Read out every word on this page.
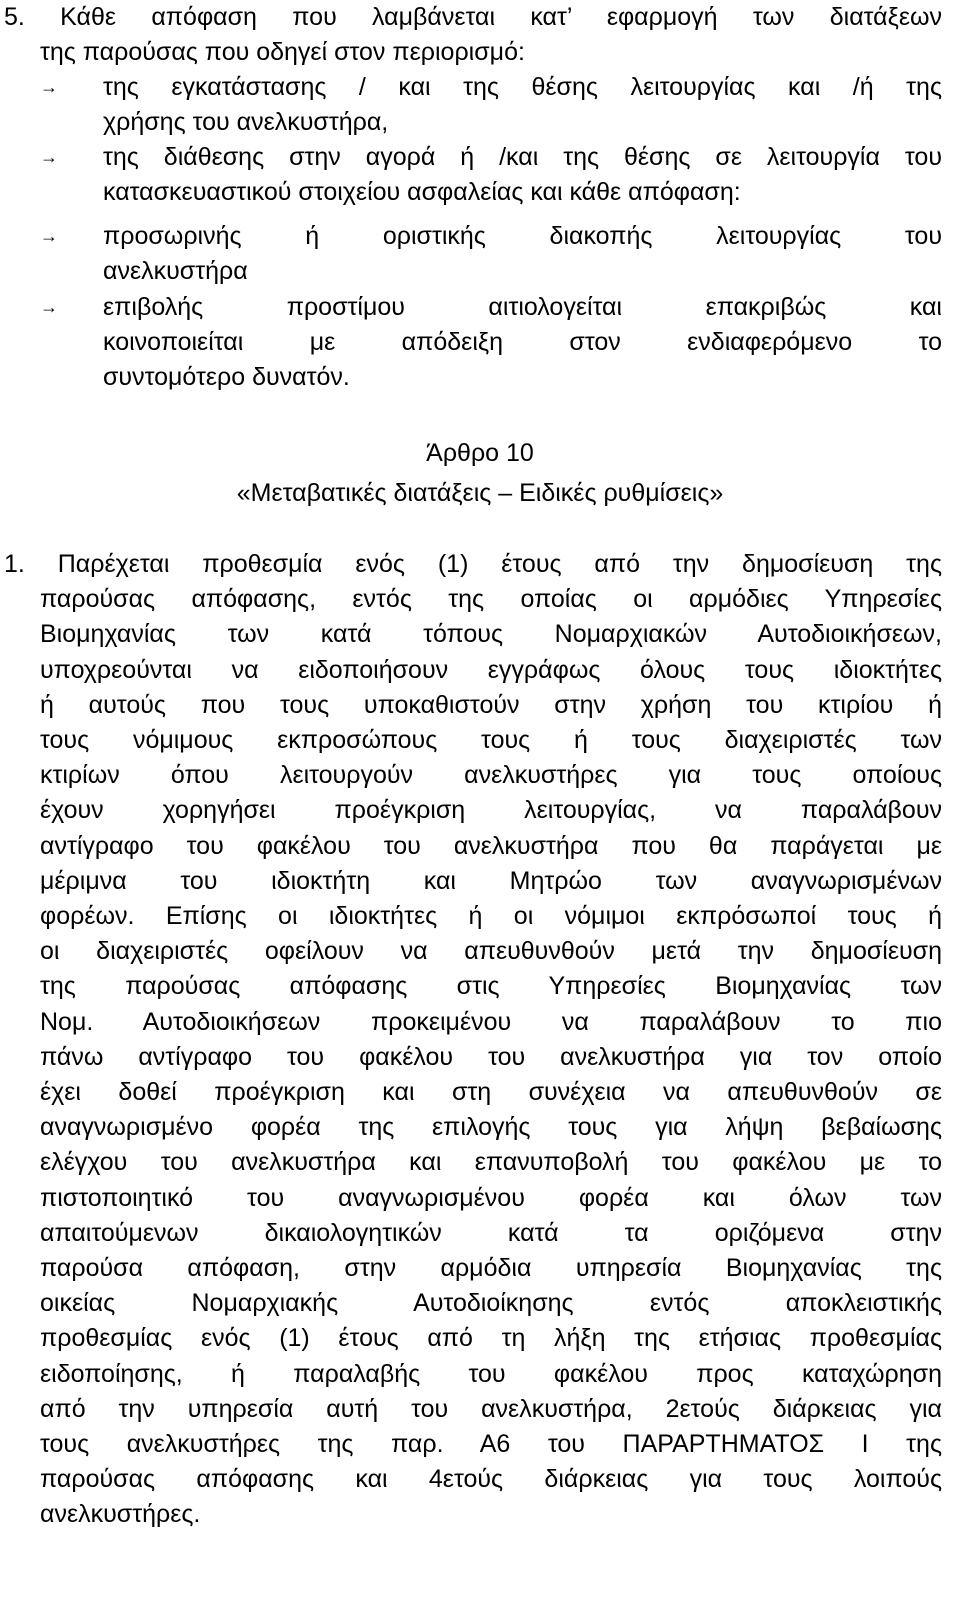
5. Κάθε απόφαση που λαμβάνεται κατ’ εφαρμογή των διατάξεων
της παρούσας που οδηγεί στον περιορισμό:
→ της εγκατάστασης / και της θέσης λειτουργίας και /ή της
χρήσης του ανελκυστήρα,
→ της διάθεσης στην αγορά ή /και της θέσης σε λειτουργία του
κατασκευαστικού στοιχείου ασφαλείας και κάθε απόφαση:
→ προσωρινής ή οριστικής διακοπής λειτουργίας του
ανελκυστήρα
→ επιβολής προστίμου αιτιολογείται επακριβώς και
κοινοποιείται με απόδειξη στον ενδιαφερόμενο το
συντομότερο δυνατόν.
Άρθρο 10
«Μεταβατικές διατάξεις – Ειδικές ρυθμίσεις»
1. Παρέχεται προθεσμία ενός (1) έτους από την δημοσίευση της
παρούσας απόφασης, εντός της οποίας οι αρμόδιες Υπηρεσίες
Βιομηχανίας των κατά τόπους Νομαρχιακών Αυτοδιοικήσεων,
υποχρεούνται να ειδοποιήσουν εγγράφως όλους τους ιδιοκτήτες
ή αυτούς που τους υποκαθιστούν στην χρήση του κτιρίου ή
τους νόμιμους εκπροσώπους τους ή τους διαχειριστές των
κτιρίων όπου λειτουργούν ανελκυστήρες για τους οποίους
έχουν χορηγήσει προέγκριση λειτουργίας, να παραλάβουν
αντίγραφο του φακέλου του ανελκυστήρα που θα παράγεται με
μέριμνα του ιδιοκτήτη και Μητρώο των αναγνωρισμένων
φορέων. Επίσης οι ιδιοκτήτες ή οι νόμιμοι εκπρόσωποί τους ή
οι διαχειριστές οφείλουν να απευθυνθούν μετά την δημοσίευση
της παρούσας απόφασης στις Υπηρεσίες Βιομηχανίας των
Νομ. Αυτοδιοικήσεων προκειμένου να παραλάβουν το πιο
πάνω αντίγραφο του φακέλου του ανελκυστήρα για τον οποίο
έχει δοθεί προέγκριση και στη συνέχεια να απευθυνθούν σε
αναγνωρισμένο φορέα της επιλογής τους για λήψη βεβαίωσης
ελέγχου του ανελκυστήρα και επανυποβολή του φακέλου με το
πιστοποιητικό του αναγνωρισμένου φορέα και όλων των
απαιτούμενων δικαιολογητικών κατά τα οριζόμενα στην
παρούσα απόφαση, στην αρμόδια υπηρεσία Βιομηχανίας της
οικείας Νομαρχιακής Αυτοδιοίκησης εντός αποκλειστικής
προθεσμίας ενός (1) έτους από τη λήξη της ετήσιας προθεσμίας
ειδοποίησης, ή παραλαβής του φακέλου προς καταχώρηση
από την υπηρεσία αυτή του ανελκυστήρα, 2ετούς διάρκειας για
τους ανελκυστήρες της παρ. Α6 του ΠΑΡΑΡΤΗΜΑΤΟΣ Ι της
παρούσας απόφασης και 4ετούς διάρκειας για τους λοιπούς
ανελκυστήρες.
